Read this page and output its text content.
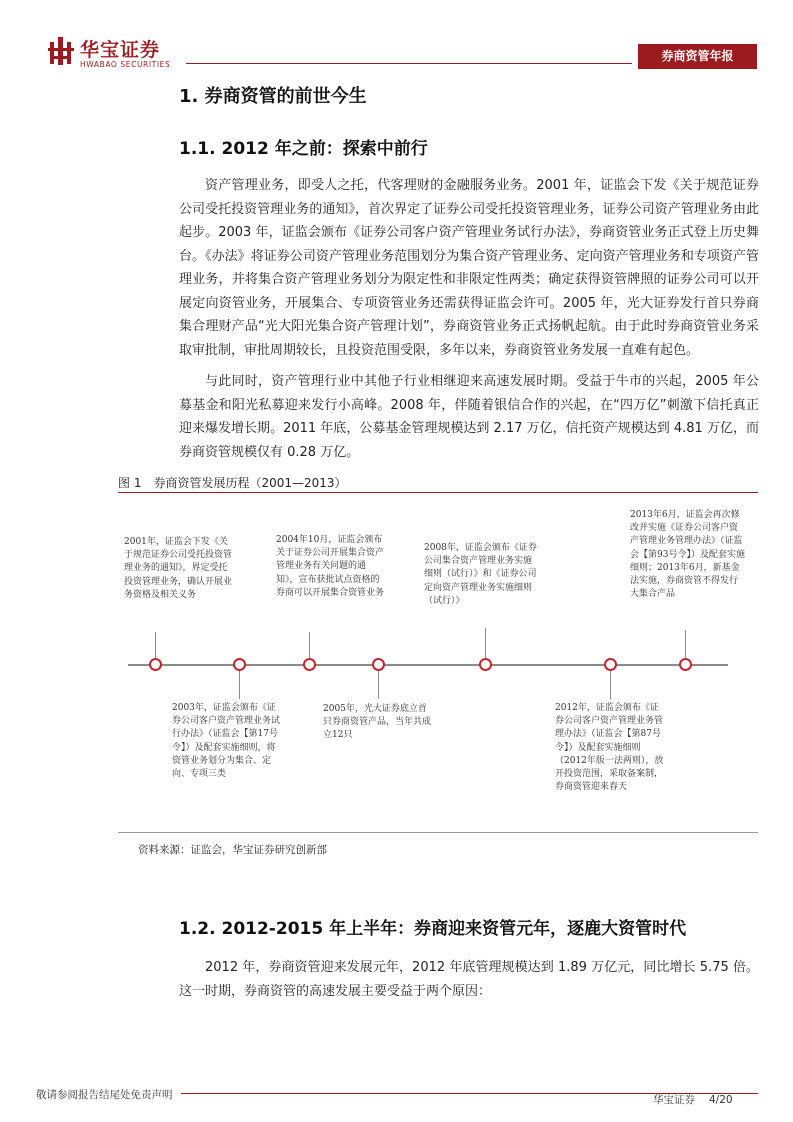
华宝证券
HWABAO SECURITIES
券商资管年报
1. 券商资管的前世今生
1.1. 2012 年之前：探索中前行

资产管理业务，即受人之托，代客理财的金融服务业务。2001 年，证监会下发《关于规范证券公司受托投资管理业务的通知》，首次界定了证券公司受托投资管理业务，证券公司资产管理业务由此起步。2003 年，证监会颁布《证券公司客户资产管理业务试行办法》，券商资管业务正式登上历史舞台。《办法》将证券公司资产管理业务范围划分为集合资产管理业务、定向资产管理业务和专项资产管理业务，并将集合资产管理业务划分为限定性和非限定性两类；确定获得资管牌照的证券公司可以开展定向资管业务，开展集合、专项资管业务还需获得证监会许可。2005 年，光大证券发行首只券商集合理财产品“光大阳光集合资产管理计划”，券商资管业务正式扬帆起航。由于此时券商资管业务采取审批制，审批周期较长，且投资范围受限，多年以来，券商资管业务发展一直难有起色。

与此同时，资产管理行业中其他子行业相继迎来高速发展时期。受益于牛市的兴起，2005 年公募基金和阳光私募迎来发行小高峰。2008 年，伴随着银信合作的兴起，在“四万亿”刺激下信托真正迎来爆发增长期。2011 年底，公募基金管理规模达到 2.17 万亿，信托资产规模达到 4.81 万亿，而券商资管规模仅有 0.28 万亿。

图 1　券商资管发展历程（2001—2013）
2001年，证监会下发《关于规范证券公司受托投资管理业务的通知》，界定受托投资管理业务，确认开展业务资格及相关义务
2003年，证监会颁布《证券公司客户资产管理业务试行办法》（证监会【第17号令】）及配套实施细则，将资管业务划分为集合、定向、专项三类
2004年10月，证监会颁布关于证券公司开展集合资产管理业务有关问题的通知》，宣布获批试点资格的券商可以开展集合资管业务
2005年，光大证券底立首只券商资管产品，当年共成立12只
2008年，证监会颁布《证券公司集合资产管理业务实施细则（试行）》和《证券公司定向资产管理业务实施细则（试行）》
2012年，证监会颁布《证券公司客户资产管理业务管理办法》（证监会【第87号令】）及配套实施细则（2012年版一法两则），放开投资范围，采取备案制，券商资管迎来春天
2013年6月，证监会再次修改并实施《证券公司客户资产管理业务管理办法》（证监会【第93号令】）及配套实施细则；2013年6月，新基金法实施，券商资管不得发行大集合产品
资料来源：证监会，华宝证券研究创新部
1.2. 2012-2015 年上半年：券商迎来资管元年，逐鹿大资管时代

2012 年，券商资管迎来发展元年，2012 年底管理规模达到 1.89 万亿元，同比增长 5.75 倍。这一时期，券商资管的高速发展主要受益于两个原因：

敬请参阅报告结尾处免责声明	华宝证券 4/20
